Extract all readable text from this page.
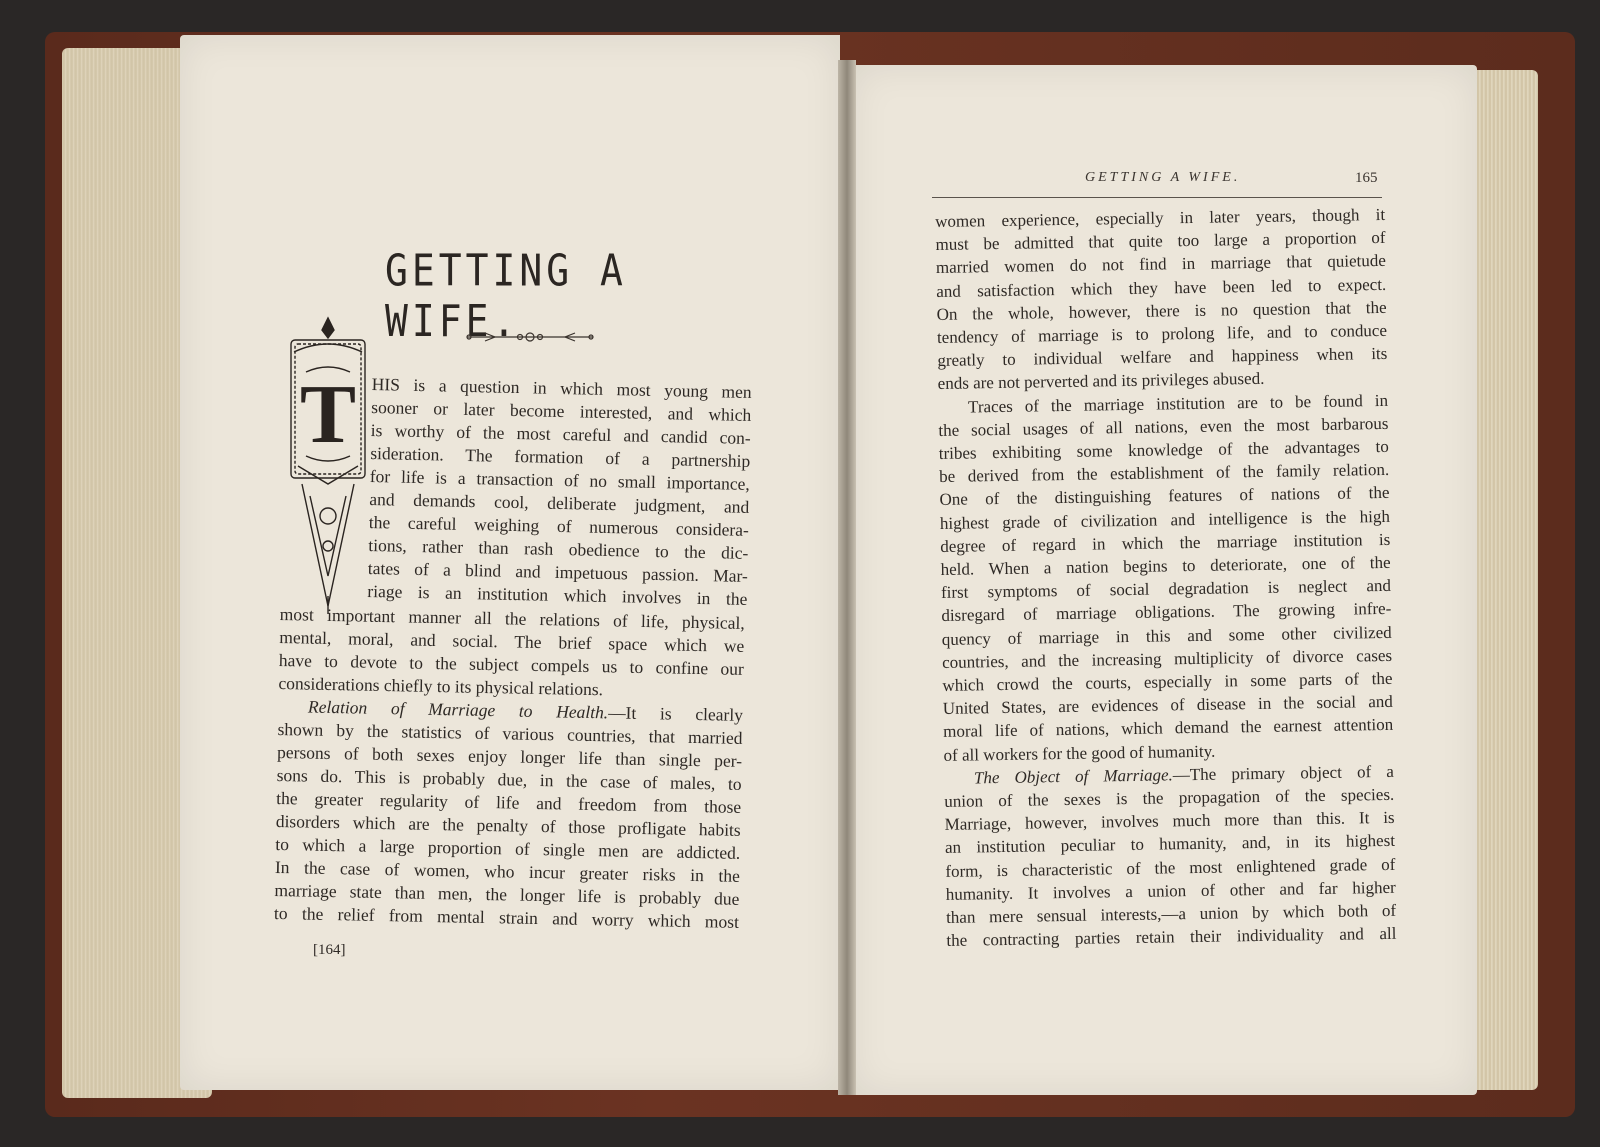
GETTING A WIFE.
T HIS is a question in which most young men
sooner or later become interested, and which
is worthy of the most careful and candid con-
sideration. The formation of a partnership
for life is a transaction of no small importance,
and demands cool, deliberate judgment, and
the careful weighing of numerous considera-
tions, rather than rash obedience to the dic-
tates of a blind and impetuous passion. Mar-
riage is an institution which involves in the
most important manner all the relations of life, physical,
mental, moral, and social. The brief space which we
have to devote to the subject compels us to confine our
considerations chiefly to its physical relations.
Relation of Marriage to Health.—It is clearly
shown by the statistics of various countries, that married
persons of both sexes enjoy longer life than single per-
sons do. This is probably due, in the case of males, to
the greater regularity of life and freedom from those
disorders which are the penalty of those profligate habits
to which a large proportion of single men are addicted.
In the case of women, who incur greater risks in the
marriage state than men, the longer life is probably due
to the relief from mental strain and worry which most
[164]
GETTING A WIFE.	165
women experience, especially in later years, though it
must be admitted that quite too large a proportion of
married women do not find in marriage that quietude
and satisfaction which they have been led to expect.
On the whole, however, there is no question that the
tendency of marriage is to prolong life, and to conduce
greatly to individual welfare and happiness when its
ends are not perverted and its privileges abused.
Traces of the marriage institution are to be found in
the social usages of all nations, even the most barbarous
tribes exhibiting some knowledge of the advantages to
be derived from the establishment of the family relation.
One of the distinguishing features of nations of the
highest grade of civilization and intelligence is the high
degree of regard in which the marriage institution is
held. When a nation begins to deteriorate, one of the
first symptoms of social degradation is neglect and
disregard of marriage obligations. The growing infre-
quency of marriage in this and some other civilized
countries, and the increasing multiplicity of divorce cases
which crowd the courts, especially in some parts of the
United States, are evidences of disease in the social and
moral life of nations, which demand the earnest attention
of all workers for the good of humanity.
The Object of Marriage.—The primary object of a
union of the sexes is the propagation of the species.
Marriage, however, involves much more than this. It is
an institution peculiar to humanity, and, in its highest
form, is characteristic of the most enlightened grade of
humanity. It involves a union of other and far higher
than mere sensual interests,—a union by which both of
the contracting parties retain their individuality and all
